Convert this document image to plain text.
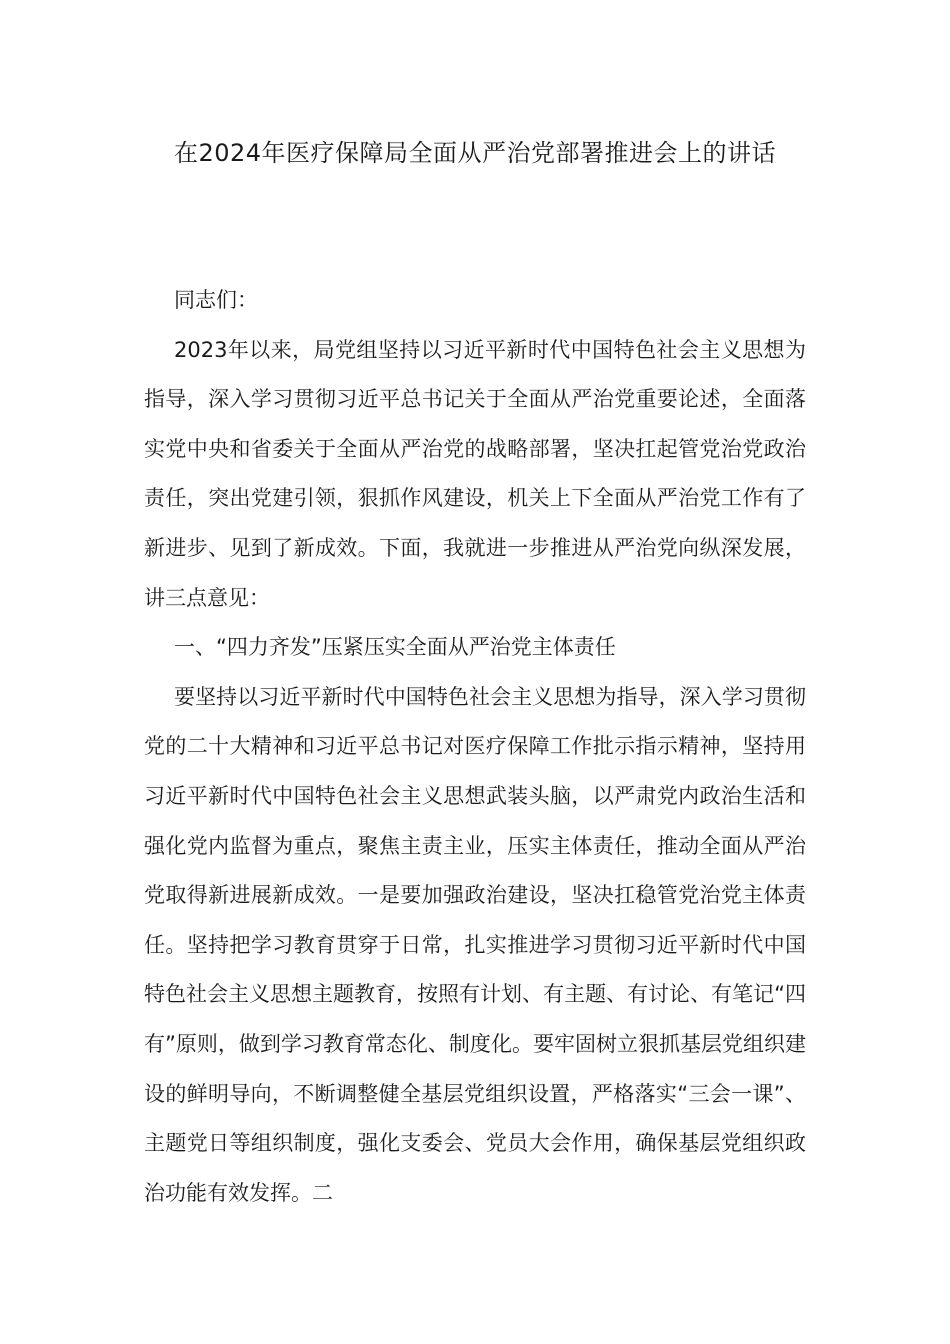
在2024年医疗保障局全面从严治党部署推进会上的讲话

同志们：

2023年以来，局党组坚持以习近平新时代中国特色社会主义思想为指导，深入学习贯彻习近平总书记关于全面从严治党重要论述，全面落实党中央和省委关于全面从严治党的战略部署，坚决扛起管党治党政治责任，突出党建引领，狠抓作风建设，机关上下全面从严治党工作有了新进步、见到了新成效。下面，我就进一步推进从严治党向纵深发展，讲三点意见：

一、“四力齐发”压紧压实全面从严治党主体责任

要坚持以习近平新时代中国特色社会主义思想为指导，深入学习贯彻党的二十大精神和习近平总书记对医疗保障工作批示指示精神，坚持用习近平新时代中国特色社会主义思想武装头脑，以严肃党内政治生活和强化党内监督为重点，聚焦主责主业，压实主体责任，推动全面从严治党取得新进展新成效。一是要加强政治建设，坚决扛稳管党治党主体责任。坚持把学习教育贯穿于日常，扎实推进学习贯彻习近平新时代中国特色社会主义思想主题教育，按照有计划、有主题、有讨论、有笔记“四有”原则，做到学习教育常态化、制度化。要牢固树立狠抓基层党组织建设的鲜明导向，不断调整健全基层党组织设置，严格落实“三会一课”、主题党日等组织制度，强化支委会、党员大会作用，确保基层党组织政治功能有效发挥。二
